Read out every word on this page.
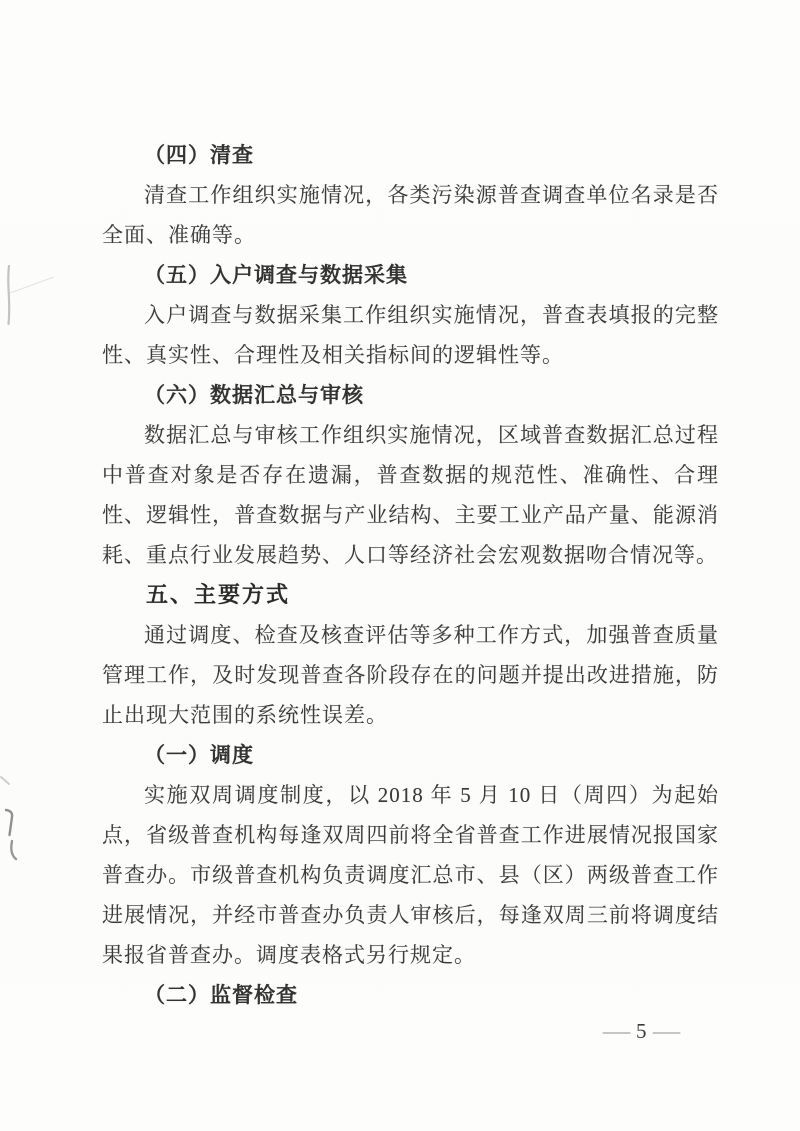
（四）清查

清查工作组织实施情况，各类污染源普查调查单位名录是否全面、准确等。

（五）入户调查与数据采集

入户调查与数据采集工作组织实施情况，普查表填报的完整性、真实性、合理性及相关指标间的逻辑性等。

（六）数据汇总与审核

数据汇总与审核工作组织实施情况，区域普查数据汇总过程中普查对象是否存在遗漏，普查数据的规范性、准确性、合理性、逻辑性，普查数据与产业结构、主要工业产品产量、能源消耗、重点行业发展趋势、人口等经济社会宏观数据吻合情况等。

五、主要方式

通过调度、检查及核查评估等多种工作方式，加强普查质量管理工作，及时发现普查各阶段存在的问题并提出改进措施，防止出现大范围的系统性误差。

（一）调度

实施双周调度制度，以 2018 年 5 月 10 日（周四）为起始点，省级普查机构每逢双周四前将全省普查工作进展情况报国家普查办。市级普查机构负责调度汇总市、县（区）两级普查工作进展情况，并经市普查办负责人审核后，每逢双周三前将调度结果报省普查办。调度表格式另行规定。

（二）监督检查

— 5 —
